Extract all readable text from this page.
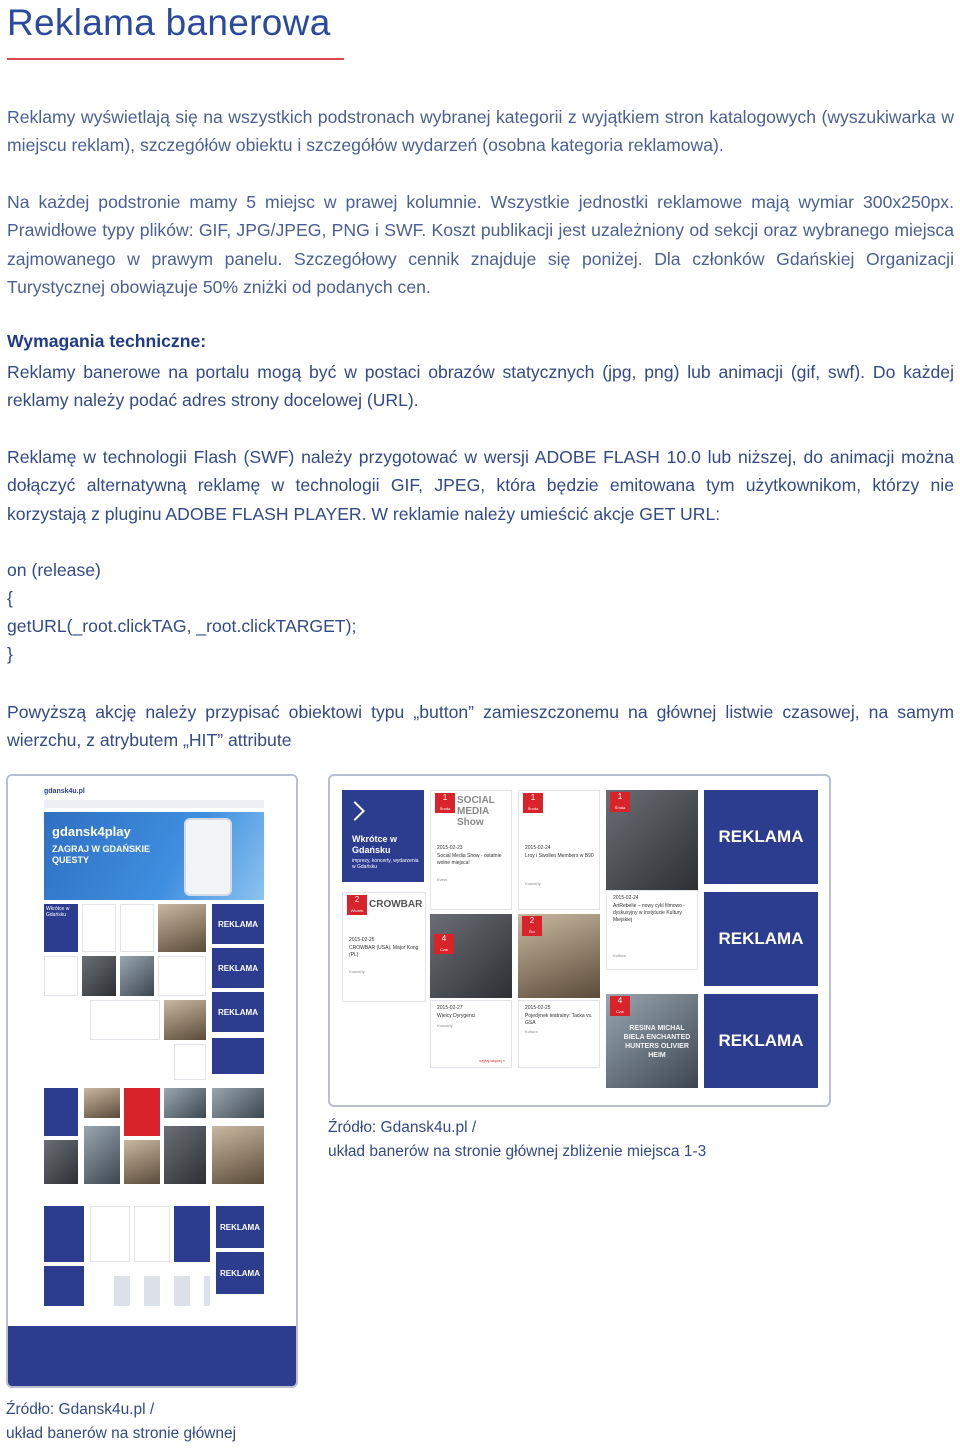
Reklama banerowa

Reklamy wyświetlają się na wszystkich podstronach wybranej kategorii z wyjątkiem stron katalogowych (wyszukiwarka w miejscu reklam), szczegółów obiektu i szczegółów wydarzeń (osobna kategoria reklamowa).

Na każdej podstronie mamy 5 miejsc w prawej kolumnie. Wszystkie jednostki reklamowe mają wymiar 300x250px. Prawidłowe typy plików: GIF, JPG/JPEG, PNG i SWF. Koszt publikacji jest uzależniony od sekcji oraz wybranego miejsca zajmowanego w prawym panelu. Szczegółowy cennik znajduje się poniżej. Dla członków Gdańskiej Organizacji Turystycznej obowiązuje 50% zniżki od podanych cen.

Wymagania techniczne:

Reklamy banerowe na portalu mogą być w postaci obrazów statycznych (jpg, png) lub animacji (gif, swf). Do każdej reklamy należy podać adres strony docelowej (URL).

Reklamę w technologii Flash (SWF) należy przygotować w wersji ADOBE FLASH 10.0 lub niższej, do animacji można dołączyć alternatywną reklamę w technologii GIF, JPEG, która będzie emitowana tym użytkownikom, którzy nie korzystają z pluginu ADOBE FLASH PLAYER. W reklamie należy umieścić akcje GET URL:

on (release)
{
getURL(_root.clickTAG, _root.clickTARGET);
}

Powyższą akcję należy przypisać obiektowi typu „button” zamieszczonemu na głównej listwie czasowej, na samym wierzchu, z atrybutem „HIT” attribute

gdansk4u.pl
gdansk4play
ZAGRAJ W GDAŃSKIE QUESTY
Wkrótce w Gdańsku
REKLAMA
REKLAMA
REKLAMA
REKLAMA
REKLAMA
Wkrótce w Gdańsku
imprezy, koncerty, wydarzenia w Gdańsku
1
Środa
SOCIAL MEDIA Show
2015-02-23
Social Media Show - ostatnie wolne miejsca!
Event
1
Środa
2015-02-24
Lroy i Swollen Members w B90
Koncerty
1
Środa
2015-02-24
ArtRebelie – nowy cykl filmowo - dyskusyjny w Instytucie Kultury Miejskiej
Kultura
REKLAMA
REKLAMA
REKLAMA
2
Wtorek
CROWBAR
2015-02-25
CROWBAR (USA), Major Kong (PL)
Koncerty
4
Czw
2015-02-27
Wielcy Dyrygenci
Koncerty
czytaj więcej »
2
Śro
2015-02-25
Pojedynek teatralny: Tacka vs. GSA
Kultura
4
Czw
RESINA MICHAL BIELA ENCHANTED HUNTERS OLIVIER HEIM
Źródło: Gdansk4u.pl /
układ banerów na stronie głównej zbliżenie miejsca 1-3
Źródło: Gdansk4u.pl /
układ banerów na stronie głównej
